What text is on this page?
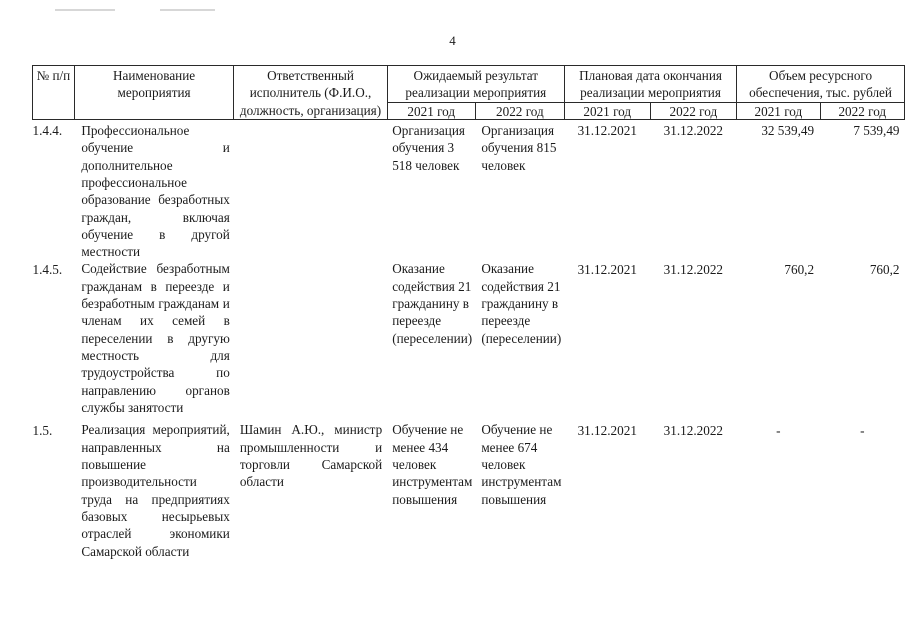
4
№ п/п	Наименование мероприятия	Ответственный исполнитель (Ф.И.О., должность, организация)	Ожидаемый результат реализации мероприятия		Плановая дата окончания реализации мероприятия		Объем ресурсного обеспечения, тыс. рублей	
			2021 год	2022 год	2021 год	2022 год	2021 год	2022 год
1.4.4.	Профессиональное обучение и дополнительное профессиональное образование безработных граждан, включая обучение в другой местности		Организация обучения 3 518 человек	Организация обучения 815 человек	31.12.2021	31.12.2022	32 539,49	7 539,49
1.4.5.	Содействие безработным гражданам в переезде и безработным гражданам и членам их семей в переселении в другую местность для трудоустройства по направлению органов службы занятости		Оказание содействия 21 гражданину в переезде (переселении)	Оказание содействия 21 гражданину в переезде (переселении)	31.12.2021	31.12.2022	760,2	760,2
1.5.	Реализация мероприятий, направленных на повышение производительности труда на предприятиях базовых несырьевых отраслей экономики Самарской области	Шамин А.Ю., министр промышленности и торговли Самарской области	Обучение не менее 434 человек инструментам повышения	Обучение не менее 674 человек инструментам повышения	31.12.2021	31.12.2022	-	-
